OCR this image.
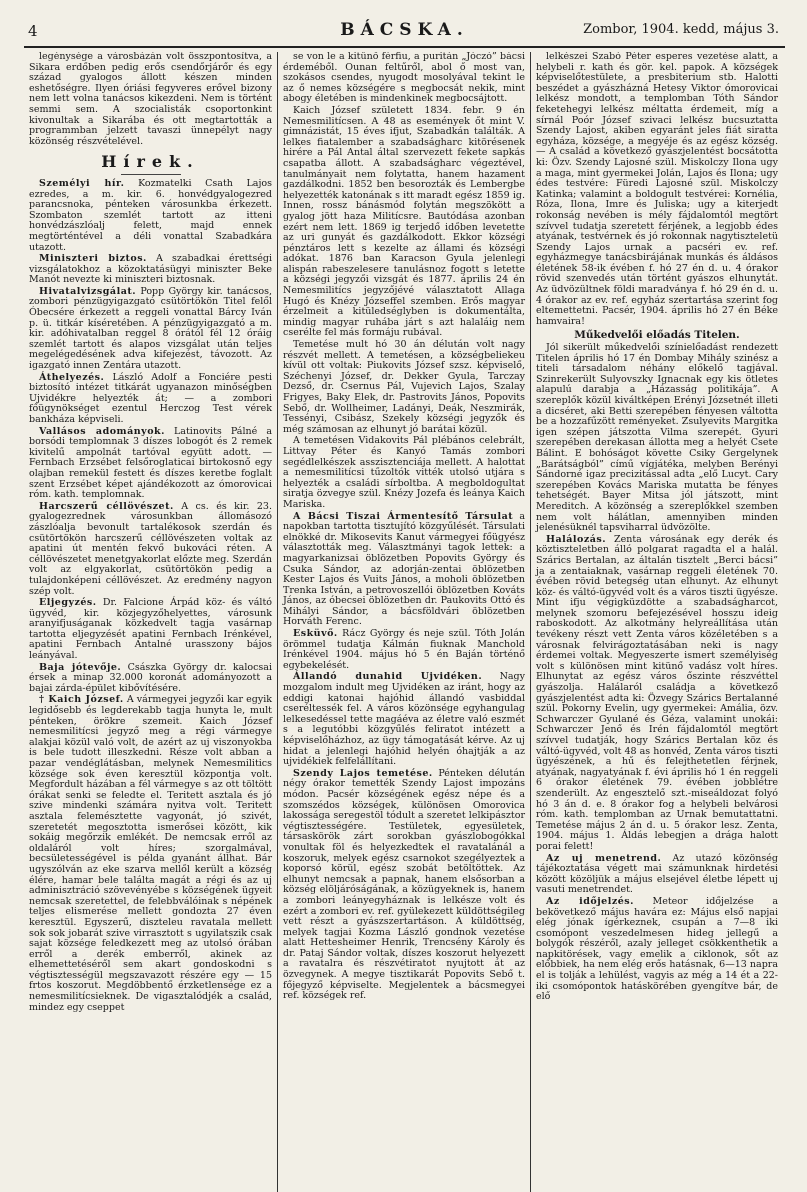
4	BÁCSKA.	Zombor, 1904. kedd, május 3.

legénysége a városbázán volt összpontosítva, a Sikara erdőben pedig erős csendőrjárőr és egy század gyalogos állott készen minden eshetőségre. Ilyen óriási fegyveres erővel bizony nem lett volna tanácsos kikezdeni. Nem is történt semmi sem. A szocialisták csoportonkint kivonultak a Sikarába és ott megtartották a programmban jelzett tavaszi ünnepélyt nagy közönség részvételével.

Hírek.

Személyi hír. Kozmatelki Csath Lajos ezredes, a m. kir. 6. honvédgyalogezred parancsnoka, pénteken városunkba érkezett. Szombaton szemlét tartott az itteni honvédzászlóalj felett, majd ennek megtörténtével a déli vonattal Szabadkára utazott.

Miniszteri biztos. A szabadkai érettségi vizsgálatokhoz a közoktatásügyi miniszter Beke Manót nevezte ki miniszteri biztosnak.

Hivatalvizsgálat. Popp György kir. tanácsos, zombori pénzügyigazgató csütörtökön Titel felől Óbecsére érkezett a reggeli vonattal Bárcy Iván p. ü. titkár kíséretében. A pénzügyigazgató a m. kir. adóhivatalban reggel 8 órától fél 12 óráig szemlét tartott és alapos vizsgálat után teljes megelégedésének adva kifejezést, távozott. Az igazgató innen Zentára utazott.

Áthelyezés. László Adolf a Fonciére pesti biztosító intézet titkárát ugyanazon minőségben Ujvidékre helyezték át; — a zombori főügynökséget ezentul Herczog Test vérek bankháza képviseli.

Vallásos adományok. Latinovits Pálné a borsódi templomnak 3 díszes lobogót és 2 remek kivitelű ampolnát tartóval együtt adott. — Fernbach Erzsébet felsőroglaticai birtokosnő egy olajban remekül festett és díszes keretbe foglalt szent Erzsébet képet ajándékozott az ómorovicai róm. kath. templomnak.

Harcszerű céllövészet. A cs. és kir. 23. gyalogezrednek városunkban állomásozó zászlóalja bevonult tartalékosok szerdán és csütörtökön harcszerű céllövészeten voltak az apatini út mentén fekvő bukováci réten. A céllövészetet menetgyakorlat előzte meg. Szerdán volt az elgyakorlat, csütörtökön pedig a tulajdonképeni céllövészet. Az eredmény nagyon szép volt.

Eljegyzés. Dr. Falcione Árpád köz- és váltó ügyvéd, kir. közjegyzőhelyettes, városunk aranyifjuságanak közkedvelt tagja vasárnap tartotta eljegyzését apatini Fernbach Irénkével, apatini Fernbach Antalné urasszony bájos leányával.

Baja jótevője. Császka György dr. kalocsai érsek a minap 32.000 koronát adományozott a bajai zárda-épület kibővítésére.

† Kaich József. A vármegyei jegyzői kar egyik legidősebb és legderekabb tagja hunyta le, mult pénteken, örökre szemeit. Kaich József nemesmilitícsi jegyző meg a régi vármegye alakjai közül való volt, de azért az uj viszonyokba is bele tudott illeszkedni. Része volt abban a pazar vendéglátásban, melynek Nemesmilitics községe sok éven keresztül központja volt. Megfordult házában a fél vármegye s az ott töltött órákat senki se feledte el. Teritett asztala és jó szive mindenki számára nyitva volt. Teritett asztala felemésztette vagyonát, jó szivét, szeretetét megosztotta ismerősei között, kik sokáig megőrzik emlékét. De nemcsak erről az oldaláról volt híres; szorgalmával, becsületességével is példa gyanánt állhat. Bár ugyszólván az eke szarva mellől került a község élére, hamar bele találta magát a régi és az uj adminisztráció szövevényébe s községének ügyeit nemcsak szeretettel, de felebbválóinak s népének teljes elismerése mellett gondozta 27 éven keresztül. Egyszerű, diszteleu ravatala mellett sok sok jobarát szive virrasztott s ugyilatszik csak sajat községe feledkezett meg az utolsó órában erről a derék emberről, akinek az elhemettetéséről sem akart gondoskodni s végtisztességül megszavazott részére egy — 15 frtos koszorut. Megdöbbentő érzketlensége ez a nemesmilitícsieknek. De vigasztalódjék a család, mindez egy cseppet

se von le a kitűnő férfiu, a puritán „Jóczó” bácsi érdeméből. Ounan feltűről, abol ő most van, szokásos csendes, nyugodt mosolyával tekint le az ő nemes községére s megbocsát nekik, mint abogy életében is mindenkinek megbocsájtott.

Kaich József született 1834. febr. 9 én Nemesmilitícsen. A 48 as események őt mint V. gimnázistát, 15 éves ifjut, Szabadkán találták. A lelkes fiatalember a szabadságharc kitörésenek hirére a Pál Antal által szervezett fekete sapkás csapatba állott. A szabadságharc végeztével, tanulmányait nem folytatta, hanem hazament gazdálkodni. 1852 ben besorozták és Lembergbe helyezették katonának s itt maradt egész 1859 ig. Innen, rossz bánásmód folytán megszökött a gyalog jött haza Militícsre. Bautódása azonban ezért nem lett. 1869 ig terjedő időben levetette az uri gunyát és gazdálkodott. Ekkor községi pénztáros lett s kezelte az állami és községi adókat. 1876 ban Karacson Gyula jelenlegi alispán rabeszelesere tanulásnoz fogott s letette a községi jegyzői vizsgát és 1877. április 24 én Nemesmilitícs jegyzőjévé választatott Allaga Hugó és Knézy Józseffel szemben. Erős magyar érzelmeit a kitüledséglyben is dokumentálta, mindig magyar ruhába járt s azt halaláig nem cserélte fel más formáju rubával.

Temetése mult hó 30 án délután volt nagy részvét mellett. A temetésen, a községbeliekeu kívül ott voltak: Piukovits József szsz. képviselő, Széchenyi József, dr. Dekker Gyula, Tarczay Dezső, dr. Csernus Pál, Vujevich Lajos, Szalay Frigyes, Baky Elek, dr. Pastrovits János, Popovits Sebő, dr. Wollheimer, Ladányi, Deák, Neszmirák, Tessényi, Csibász, Szekely községi jegyzők és még számosan az elhunyt jó barátai közül.

A temetésen Vidakovits Pál plébános celebrált, Littvay Péter és Kanyó Tamás zombori segédlelkészek asszisztenciája mellett. A halottat a nemesmilitícsi tűzoltók vitték utolsó utjára s helyezték a családi sírboltba. A megboldogultat siratja özvegye szül. Knézy Jozefa és leánya Kaich Mariska.

A Bácsi Tiszai Ármentesítő Társulat a napokban tartotta tisztujító közgyűlését. Társulati elnökké dr. Mikosevits Kanut vármegyei főügyész választották meg. Választmányi tagok lettek: a magyarkanizsai öblözetben Popovits György és Csuka Sándor, az adorján-zentai öblözetben Kester Lajos és Vuits János, a moholi öblözetben Trenka István, a petrovoszellói öblözetben Kováts János, az óbecsei öblözetben dr. Paukovits Ottó és Mihályi Sándor, a bácsföldvári öblözetben Horváth Ferenc.

Esküvő. Rácz György és neje szül. Tóth Jolán örömmel tudatja Kálmán fiuknak Manchold Irénkével 1904. május hó 5 én Baján történő egybekelését.

Állandó dunahid Ujvidéken. Nagy mozgalom indult meg Ujvidéken az iránt, hogy az eddigi katonai hajóhid állandó vasbiddal cseréltessék fel. A város közönsége egyhangulag lelkesedéssel tette magáéva az életre való eszmét s a legutóbbi közgyűlés feliratot intézett a képviselőházhoz, az ügy támogatását kérve. Az uj hidat a jelenlegi hajóhid helyén óhajtják a az ujvidékiek felfelállítani.

Szendy Lajos temetése. Pénteken délután négy órakor temették Szendy Lajost impozáns módon. Pacsér községének egész népe és a szomszédos községek, különösen Omorovica lakossága seregestöl tódult a szeretet lelkipásztor végtisztességére. Testületek, egyesületek, társaskörök zárt sorokban gyászlobogókkal vonultak föl és helyezkedtek el ravatalánál a koszoruk, melyek egész csarnokot szegélyeztek a koporsó körül, egész szobát betöltöttek. Az elhunyt nemcsak a papnak, hanem elsősorban a község elöljáróságának, a közügyeknek is, hanem a zombori leányegyháznak is lelkésze volt és ezért a zombori ev. ref. gyülekezett küldöttségileg vett részt a gyászszertartáson. A küldöttség, melyek tagjai Kozma László gondnok vezetése alatt Hettesheimer Henrik, Trencsény Károly és dr. Pataj Sándor voltak, díszes koszorut helyezett a ravatalra és részvétiratot nyujtott át az özvegynek. A megye tisztikarát Popovits Sebő t. főjegyző képviselte. Megjelentek a bácsmegyei ref. községek ref.

lelkészei Szabó Péter esperes vezetése alatt, a helybeli r. kath és gör. kel. papok. A községek képviselőtestülete, a presbiterium stb. Halotti beszédet a gyászházná Hetesy Viktor ómorovicai lelkész mondott, a templomban Tóth Sándor feketehegyi lelkész méltatta érdemeit, míg a sírnál Poór József szivaci lelkész bucsuztatta Szendy Lajost, akiben egyaránt jeles fiát siratta egyháza, községe, a megyéje és az egész község. — A család a következő gyászjelentést bocsátotta ki: Özv. Szendy Lajosné szül. Miskolczy Ilona ugy a maga, mint gyermekei Jolán, Lajos és Ilona; ugy édes testvére: Füredi Lajosné szül. Miskolczy Katinka; valamint a boldogult testvérei: Kornélia, Róza, Ilona, Imre és Juliska; ugy a kiterjedt rokonság nevében is mély fájdalomtól megtört szívvel tudatja szeretett férjének, a legjobb édes atyának, testvérnek és jó rokonnak nagytiszteletü Szendy Lajos urnak a pacséri ev. ref. egyházmegye tanácsbirájának munkás és áldásos életének 58-ik évében f. hó 27 én d. u. 4 órakor rövid szenvedés után történt gyászos elhunytát. Az üdvözültnek földi maradványa f. hó 29 én d. u. 4 órakor az ev. ref. egyház szertartása szerint fog eltemettetni. Pacsér, 1904. április hó 27 én Béke hamvaira!

Műkedvelői előadás Titelen.

Jól sikerült műkedvelői színielőadást rendezett Titelen április hó 17 én Dombay Mihály szinész a titeli társadalom néhány előkelő tagjával. Szinrekerült Sulyovszky Ignacnak egy kis ötletes alapulú darabja a „Házasság politikája”. A szereplők közül kiváltképen Erényi Józsetnét illeti a dicséret, aki Betti szerepében fényesen váltotta be a hozzafűzött reményeket. Zsulyevits Margitka igen szépen játszotta Vilma szerepét. Gyuri szerepében derekasan állotta meg a helyét Csete Bálint. E bohóságot követte Csiky Gergelynek „Barátságból” című vígjátéka, melyben Berényi Sándorné igaz precizitással adta „elő Lucyt. Cary szerepében Kovács Mariska mutatta be fényes tehetségét. Bayer Mitsa jól játszott, mint Mereditch. A közönség a szereplőkkel szemben nem volt hálátlan, amennyiben minden jelenésüknél tapsviharral üdvözölte.

Halálozás. Zenta városának egy derék és köztiszteletben álló polgarat ragadta el a halál. Szárics Bertalan, az általán tisztelt „Berci bácsi” ja a zentaiaknak, vasárnap reggeli életének 70. évében rövid betegség utan elhunyt. Az elhunyt köz- és váltó-ügyvéd volt és a város tiszti ügyésze. Mint ifju végigküzdötte a szabadságharcot, melynek szomoru befejezésével hosszu ideig raboskodott. Az alkotmány helyreállítása után tevékeny részt vett Zenta város közéletében s a városnak felvirágoztatásában neki is nagy érdemei voltak. Megyeszerte ismert személyiség volt s különösen mint kitünő vadász volt híres. Elhunytat az egész város őszinte részvéttel gyászolja. Halálaról családja a következő gyászjelentést adta ki: Özvegy Szárics Bertalanné szül. Pokorny Evelin, ugy gyermekei: Amália, özv. Schwarczer Gyulané és Géza, valamint unokái: Schwarczer Jenő és Irén fájdalomtól megtört szívvel tudatják, hogy Szárics Bertalan köz és váltó-ügyvéd, volt 48 as honvéd, Zenta város tiszti ügyészének, a hű és felejthetetlen férjnek, atyának, nagyatyának f. évi április hó 1 én reggeli 6 órakor életének 79. évében jobblétre szenderült. Az engesztelő szt.-miseáldozat folyó hó 3 án d. e. 8 órakor fog a helybeli belvárosi róm. kath. templomban az Urnak bemutattatni. Temetése május 2 án d. u. 5 órakor lesz. Zenta, 1904. május 1. Áldás lebegjen a drága halott porai felett!

Az uj menetrend. Az utazó közönség tájékoztatása végett mai számunknak hirdetési között közöljük a május elsejével életbe lépett uj vasuti menetrendet.

Az időjelzés. Meteor időjelzése a bekövetkező május havára ez: Május első napjai elég jónak ígérkeznek, csupán a 7—8 iki csomópont veszedelmesen hideg jellegű a bolygók részéről, azaly jelleget csökkenthetik a napkitörések, vagy emelik a ciklonok, sőt az előbbiek, ha nem elég erős hatásnak, 6—13 napra el is tolják a lehülést, vagyis az még a 14 ét a 22-iki csomópontok hatáskörében gyengítve bár, de elő
